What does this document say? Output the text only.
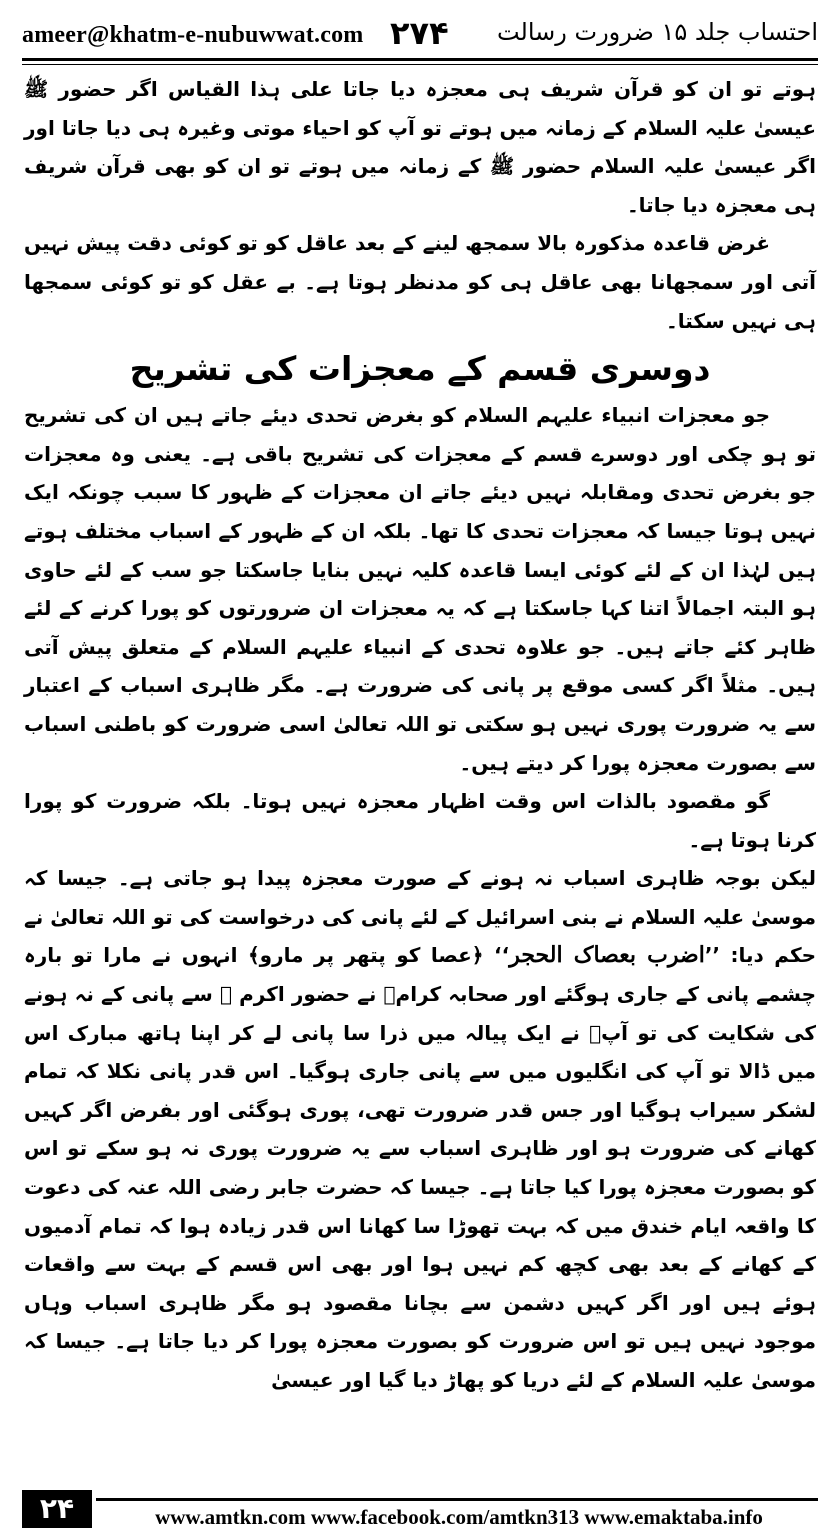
ameer@khatm-e-nubuwwat.com ۲۷۴ احتساب جلد ۱۵ ضرورت رسالت

ہوتے تو ان کو قرآن شریف ہی معجزہ دیا جاتا علی ہذا القیاس اگر حضور ﷺ عیسیٰ علیہ السلام کے زمانہ میں ہوتے تو آپ کو احیاء موتی وغیرہ ہی دیا جاتا اور اگر عیسیٰ علیہ السلام حضور ﷺ کے زمانہ میں ہوتے تو ان کو بھی قرآن شریف ہی معجزہ دیا جاتا۔

غرض قاعدہ مذکورہ بالا سمجھ لینے کے بعد عاقل کو تو کوئی دقت پیش نہیں آتی اور سمجھانا بھی عاقل ہی کو مدنظر ہوتا ہے۔ بے عقل کو تو کوئی سمجھا ہی نہیں سکتا۔

دوسری قسم کے معجزات کی تشریح

جو معجزات انبیاء علیہم السلام کو بغرض تحدی دیئے جاتے ہیں ان کی تشریح تو ہو چکی اور دوسرے قسم کے معجزات کی تشریح باقی ہے۔ یعنی وہ معجزات جو بغرض تحدی ومقابلہ نہیں دیئے جاتے ان معجزات کے ظہور کا سبب چونکہ ایک نہیں ہوتا جیسا کہ معجزات تحدی کا تھا۔ بلکہ ان کے ظہور کے اسباب مختلف ہوتے ہیں لہٰذا ان کے لئے کوئی ایسا قاعدہ کلیہ نہیں بنایا جاسکتا جو سب کے لئے حاوی ہو البتہ اجمالاً اتنا کہا جاسکتا ہے کہ یہ معجزات ان ضرورتوں کو پورا کرنے کے لئے ظاہر کئے جاتے ہیں۔ جو علاوہ تحدی کے انبیاء علیہم السلام کے متعلق پیش آتی ہیں۔ مثلاً اگر کسی موقع پر پانی کی ضرورت ہے۔ مگر ظاہری اسباب کے اعتبار سے یہ ضرورت پوری نہیں ہو سکتی تو اللہ تعالیٰ اسی ضرورت کو باطنی اسباب سے بصورت معجزہ پورا کر دیتے ہیں۔

گو مقصود بالذات اس وقت اظہار معجزہ نہیں ہوتا۔ بلکہ ضرورت کو پورا کرنا ہوتا ہے۔

لیکن بوجہ ظاہری اسباب نہ ہونے کے صورت معجزہ پیدا ہو جاتی ہے۔ جیسا کہ موسیٰ علیہ السلام نے بنی اسرائیل کے لئے پانی کی درخواست کی تو اللہ تعالیٰ نے حکم دیا: ’’اضرب بعصاک الحجر‘‘ ﴿عصا کو پتھر پر مارو﴾ انہوں نے مارا تو بارہ چشمے پانی کے جاری ہوگئے اور صحابہ کرامؓ نے حضور اکرم ﷺ سے پانی کے نہ ہونے کی شکایت کی تو آپؐ نے ایک پیالہ میں ذرا سا پانی لے کر اپنا ہاتھ مبارک اس میں ڈالا تو آپ کی انگلیوں میں سے پانی جاری ہوگیا۔ اس قدر پانی نکلا کہ تمام لشکر سیراب ہوگیا اور جس قدر ضرورت تھی، پوری ہوگئی اور بفرض اگر کہیں کھانے کی ضرورت ہو اور ظاہری اسباب سے یہ ضرورت پوری نہ ہو سکے تو اس کو بصورت معجزہ پورا کیا جاتا ہے۔ جیسا کہ حضرت جابر رضی اللہ عنہ کی دعوت کا واقعہ ایام خندق میں کہ بہت تھوڑا سا کھانا اس قدر زیادہ ہوا کہ تمام آدمیوں کے کھانے کے بعد بھی کچھ کم نہیں ہوا اور بھی اس قسم کے بہت سے واقعات ہوئے ہیں اور اگر کہیں دشمن سے بچانا مقصود ہو مگر ظاہری اسباب وہاں موجود نہیں ہیں تو اس ضرورت کو بصورت معجزہ پورا کر دیا جاتا ہے۔ جیسا کہ موسیٰ علیہ السلام کے لئے دریا کو پھاڑ دیا گیا اور عیسیٰ

۲۴	www.amtkn.com www.facebook.com/amtkn313 www.emaktaba.info
